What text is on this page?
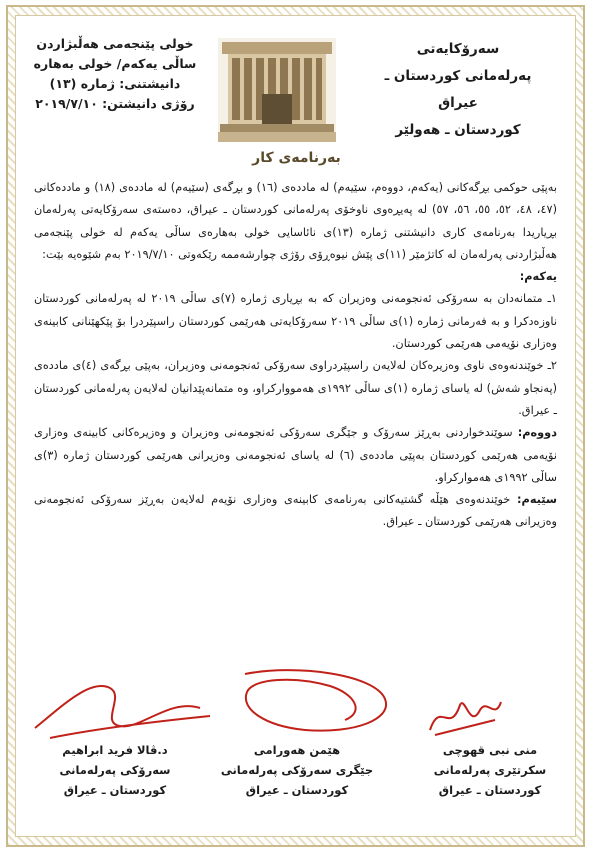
سەرۆکایەتی
پەرلەمانی کوردستان ـ عیراق
کوردستان ـ هەولێر
خولی پێنجەمی هەڵبژاردن
ساڵی یەکەم/ خولی بەهارە
دانیشتنی: ژمارە (١٣)
رۆژی دانیشتن: ٢٠١٩/٧/١٠
بەرنامەی کار

بەپێی حوکمی بڕگەکانی (یەکەم، دووەم، سێیەم) لە ماددەی (١٦) و بڕگەی (سێیەم) لە ماددەی (١٨) و ماددەکانی (٤٧، ٤٨، ٥٢، ٥٥، ٥٦، ٥٧) لە پەیڕەوی ناوخۆی پەرلەمانی کوردستان ـ عیراق، دەستەی سەرۆکایەتی پەرلەمان بڕیاریدا بەرنامەی کاری دانیشتنی ژمارە (١٣)ی نائاسایی خولی بەهارەی ساڵی یەکەم لە خولی پێنجەمی هەڵبژاردنی پەرلەمان لە کاتژمێر (١١)ی پێش نیوەڕۆی رۆژی چوارشەممە رێکەوتی ٢٠١٩/٧/١٠ بەم شێوەیە بێت:

یەکەم:

١ـ متمانەدان بە سەرۆکی ئەنجومەنی وەزیران کە بە بڕیاری ژمارە (٧)ی ساڵی ٢٠١٩ لە پەرلەمانی کوردستان ناوزەدکرا و بە فەرمانی ژمارە (١)ی ساڵی ٢٠١٩ سەرۆکایەتی هەرێمی کوردستان راسپێردرا بۆ پێکهێنانی کابینەی وەزاری نۆیەمی هەرێمی کوردستان.

٢ـ خوێندنەوەی ناوی وەزیرەکان لەلایەن راسپێردراوی سەرۆکی ئەنجومەنی وەزیران، بەپێی بڕگەی (٤)ی ماددەی (پەنجاو شەش) لە یاسای ژمارە (١)ی ساڵی ١٩٩٢ی هەمووارکراو، وە متمانەپێدانیان لەلایەن پەرلەمانی کوردستان ـ عیراق.

دووەم: سوێندخواردنی بەڕێز سەرۆک و جێگری سەرۆکی ئەنجومەنی وەزیران و وەزیرەکانی کابینەی وەزاری نۆیەمی هەرێمی کوردستان بەپێی ماددەی (٦) لە یاسای ئەنجومەنی وەزیرانی هەرێمی کوردستان ژمارە (٣)ی ساڵی ١٩٩٢ی هەموارکراو.

سێیەم: خوێندنەوەی هێڵە گشتیەکانی بەرنامەی کابینەی وەزاری نۆیەم لەلایەن بەڕێز سەرۆکی ئەنجومەنی وەزیرانی هەرێمی کوردستان ـ عیراق.

منی نبی قهوچی
سکرتێری پەرلەمانی
کوردستان ـ عیراق
هێمن هەورامی
جێگری سەرۆکی پەرلەمانی
کوردستان ـ عیراق
د.ڤالا فرید ابراهیم
سەرۆکی پەرلەمانی
کوردستان ـ عیراق
